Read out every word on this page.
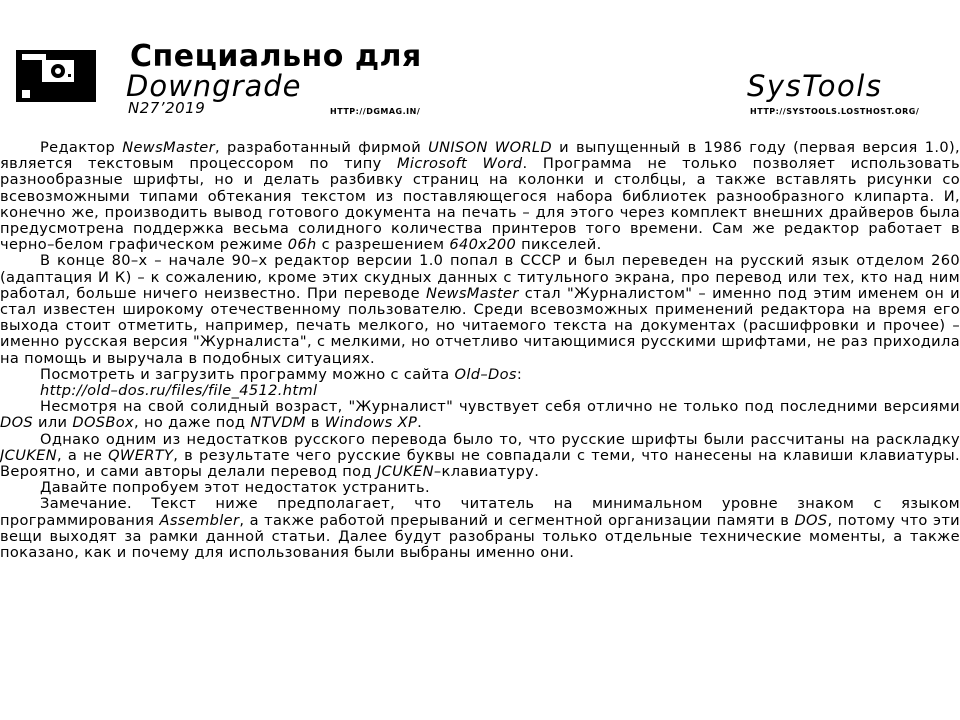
Специально для
Downgrade	SysTools
N27’2019	HTTP://DGMAG.IN/	HTTP://SYSTOOLS.LOSTHOST.ORG/

Редактор NewsMaster, разработанный фирмой UNISON WORLD и выпущенный в 1986 году (первая версия 1.0), является текстовым процессором по типу Microsoft Word. Программа не только позволяет использовать разнообразные шрифты, но и делать разбивку страниц на колонки и столбцы, а также вставлять рисунки со всевозможными типами обтекания текстом из поставляющегося набора библиотек разнообразного клипарта. И, конечно же, производить вывод готового документа на печать – для этого через комплект внешних драйверов была предусмотрена поддержка весьма солидного количества принтеров того времени. Сам же редактор работает в черно–белом графическом режиме 06h с разрешением 640x200 пикселей.

В конце 80–х – начале 90–х редактор версии 1.0 попал в СССР и был переведен на русский язык отделом 260 (адаптация И К) – к сожалению, кроме этих скудных данных с титульного экрана, про перевод или тех, кто над ним работал, больше ничего неизвестно. При переводе NewsMaster стал "Журналистом" – именно под этим именем он и стал известен широкому отечественному пользователю. Среди всевозможных применений редактора на время его выхода стоит отметить, например, печать мелкого, но читаемого текста на документах (расшифровки и прочее) – именно русская версия "Журналиста", с мелкими, но отчетливо читающимися русскими шрифтами, не раз приходила на помощь и выручала в подобных ситуациях.

Посмотреть и загрузить программу можно с сайта Old–Dos:

http://old–dos.ru/files/file_4512.html

Несмотря на свой солидный возраст, "Журналист" чувствует себя отлично не только под последними версиями DOS или DOSBox, но даже под NTVDM в Windows XP.

Однако одним из недостатков русского перевода было то, что русские шрифты были рассчитаны на раскладку JCUKEN, а не QWERTY, в результате чего русские буквы не совпадали с теми, что нанесены на клавиши клавиатуры. Вероятно, и сами авторы делали перевод под JCUKEN–клавиатуру.

Давайте попробуем этот недостаток устранить.

Замечание. Текст ниже предполагает, что читатель на минимальном уровне знаком с языком программирования Assembler, а также работой прерываний и сегментной организации памяти в DOS, потому что эти вещи выходят за рамки данной статьи. Далее будут разобраны только отдельные технические моменты, а также показано, как и почему для использования были выбраны именно они.
